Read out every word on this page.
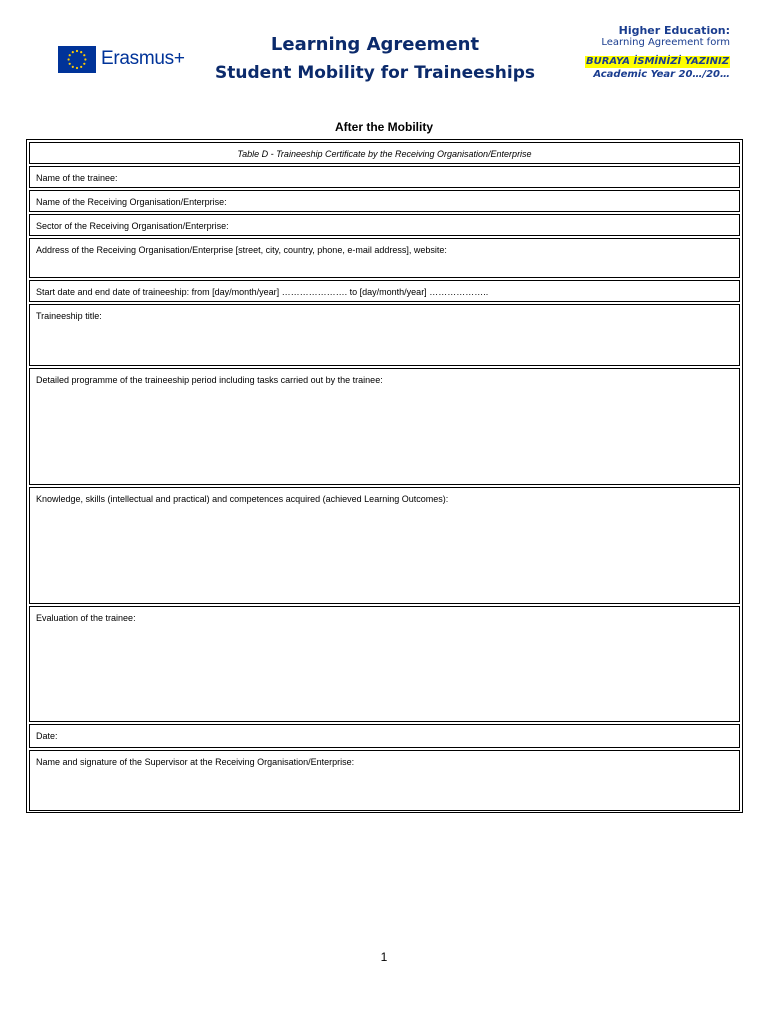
Erasmus+
Learning Agreement
Student Mobility for Traineeships
Higher Education:
Learning Agreement form
BURAYA İSMİNİZİ YAZINIZ
Academic Year 20…/20…
After the Mobility
Table D - Traineeship Certificate by the Receiving Organisation/Enterprise
Name of the trainee:
Name of the Receiving Organisation/Enterprise:
Sector of the Receiving Organisation/Enterprise:
Address of the Receiving Organisation/Enterprise [street, city, country, phone, e-mail address], website:
Start date and end date of traineeship: from [day/month/year] …………………. to [day/month/year] ………………..
Traineeship title:
Detailed programme of the traineeship period including tasks carried out by the trainee:
Knowledge, skills (intellectual and practical) and competences acquired (achieved Learning Outcomes):
Evaluation of the trainee:
Date:
Name and signature of the Supervisor at the Receiving Organisation/Enterprise:
1
